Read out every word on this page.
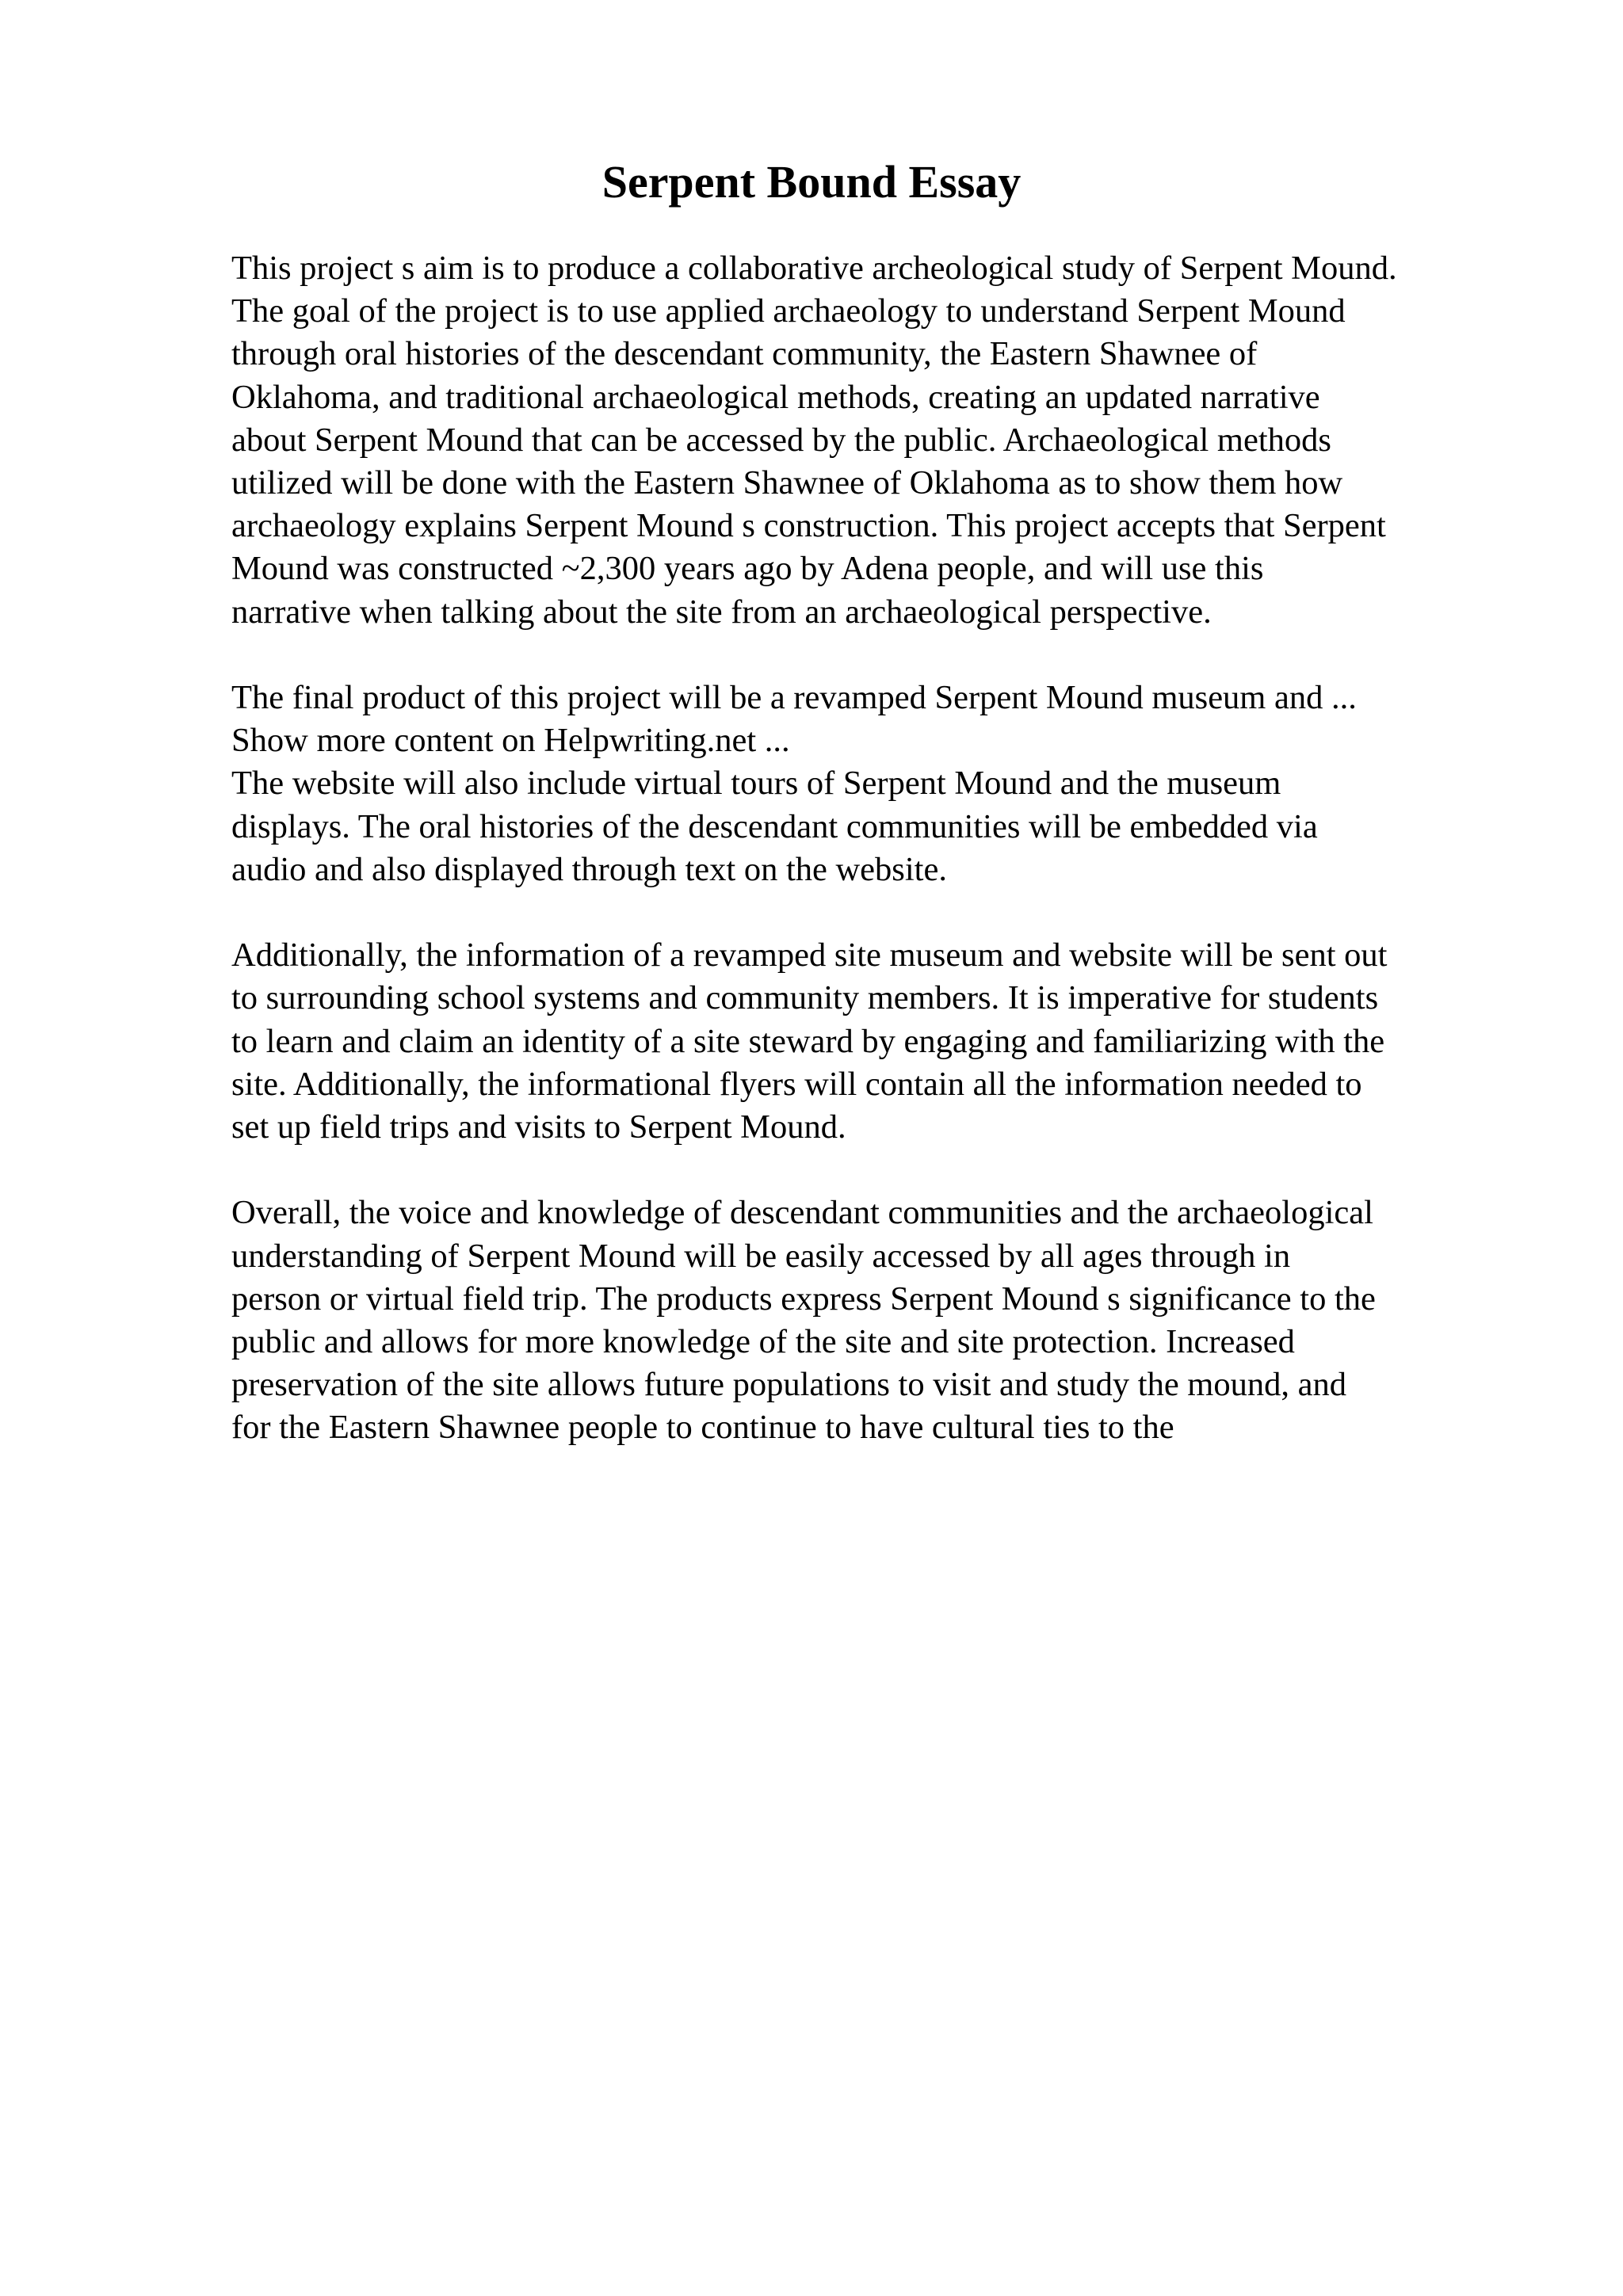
Serpent Bound Essay

This project s aim is to produce a collaborative archeological study of Serpent Mound.
The goal of the project is to use applied archaeology to understand Serpent Mound
through oral histories of the descendant community, the Eastern Shawnee of
Oklahoma, and traditional archaeological methods, creating an updated narrative
about Serpent Mound that can be accessed by the public. Archaeological methods
utilized will be done with the Eastern Shawnee of Oklahoma as to show them how
archaeology explains Serpent Mound s construction. This project accepts that Serpent
Mound was constructed ~2,300 years ago by Adena people, and will use this
narrative when talking about the site from an archaeological perspective.

The final product of this project will be a revamped Serpent Mound museum and ...
Show more content on Helpwriting.net ...

The website will also include virtual tours of Serpent Mound and the museum
displays. The oral histories of the descendant communities will be embedded via
audio and also displayed through text on the website.

Additionally, the information of a revamped site museum and website will be sent out
to surrounding school systems and community members. It is imperative for students
to learn and claim an identity of a site steward by engaging and familiarizing with the
site. Additionally, the informational flyers will contain all the information needed to
set up field trips and visits to Serpent Mound.

Overall, the voice and knowledge of descendant communities and the archaeological
understanding of Serpent Mound will be easily accessed by all ages through in
person or virtual field trip. The products express Serpent Mound s significance to the
public and allows for more knowledge of the site and site protection. Increased
preservation of the site allows future populations to visit and study the mound, and
for the Eastern Shawnee people to continue to have cultural ties to the
